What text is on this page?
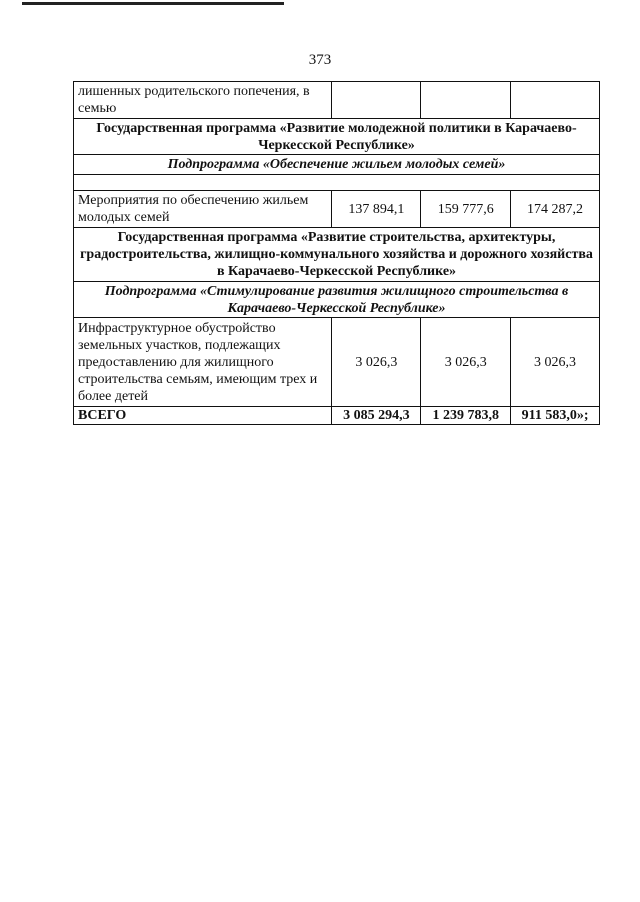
373
лишенных родительского попечения, в семью			
Государственная программа «Развитие молодежной политики в Карачаево-Черкесской Республике»			
Подпрограмма «Обеспечение жильем молодых семей»			

Мероприятия по обеспечению жильем молодых семей	137 894,1	159 777,6	174 287,2
Государственная программа «Развитие строительства, архитектуры, градостроительства, жилищно-коммунального хозяйства и дорожного хозяйства в Карачаево-Черкесской Республике»			
Подпрограмма «Стимулирование развития жилищного строительства в Карачаево-Черкесской Республике»			
Инфраструктурное обустройство земельных участков, подлежащих предоставлению для жилищного строительства семьям, имеющим трех и более детей	3 026,3	3 026,3	3 026,3
ВСЕГО	3 085 294,3	1 239 783,8	911 583,0»;
